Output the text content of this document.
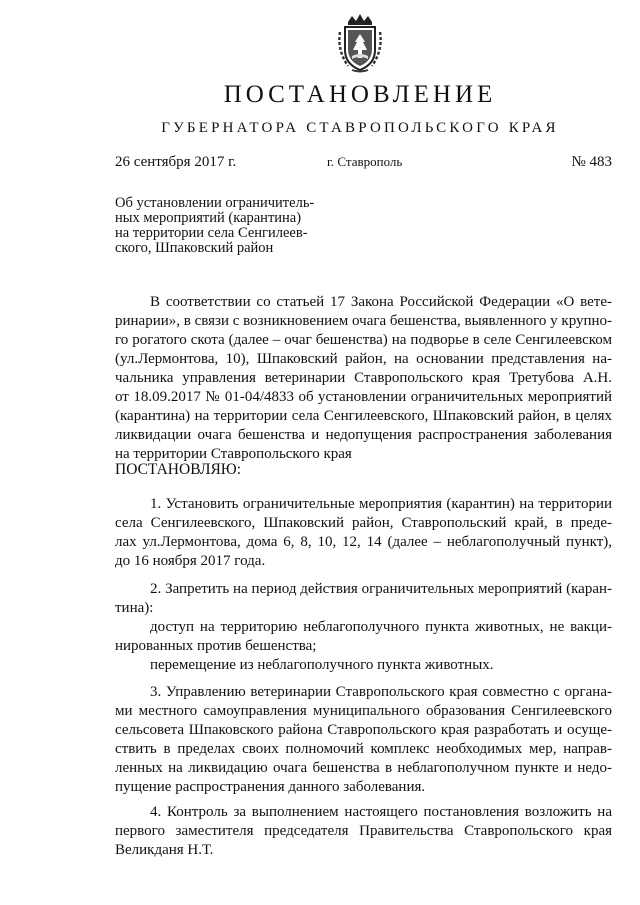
ПОСТАНОВЛЕНИЕ
ГУБЕРНАТОРА СТАВРОПОЛЬСКОГО КРАЯ
26 сентября 2017 г.	г. Ставрополь	№ 483
Об установлении ограничитель-
ных мероприятий (карантина)
на территории села Сенгилеев-
ского, Шпаковский район
В соответствии со статьей 17 Закона Российской Федерации «О вете-
ринарии», в связи с возникновением очага бешенства, выявленного у крупно-
го рогатого скота (далее – очаг бешенства) на подворье в селе Сенгилеевском
(ул.Лермонтова, 10), Шпаковский район, на основании представления на-
чальника управления ветеринарии Ставропольского края Третубова А.Н.
от 18.09.2017 № 01-04/4833 об установлении ограничительных мероприятий
(карантина) на территории села Сенгилеевского, Шпаковский район, в целях
ликвидации очага бешенства и недопущения распространения заболевания
на территории Ставропольского края
ПОСТАНОВЛЯЮ:
1. Установить ограничительные мероприятия (карантин) на территории
села Сенгилеевского, Шпаковский район, Ставропольский край, в преде-
лах ул.Лермонтова, дома 6, 8, 10, 12, 14 (далее – неблагополучный пункт),
до 16 ноября 2017 года.
2. Запретить на период действия ограничительных мероприятий (каран-
тина):
доступ на территорию неблагополучного пункта животных, не вакци-
нированных против бешенства;
перемещение из неблагополучного пункта животных.
3. Управлению ветеринарии Ставропольского края совместно с органа-
ми местного самоуправления муниципального образования Сенгилеевского
сельсовета Шпаковского района Ставропольского края разработать и осуще-
ствить в пределах своих полномочий комплекс необходимых мер, направ-
ленных на ликвидацию очага бешенства в неблагополучном пункте и недо-
пущение распространения данного заболевания.
4. Контроль за выполнением настоящего постановления возложить на
первого заместителя председателя Правительства Ставропольского края
Великданя Н.Т.
